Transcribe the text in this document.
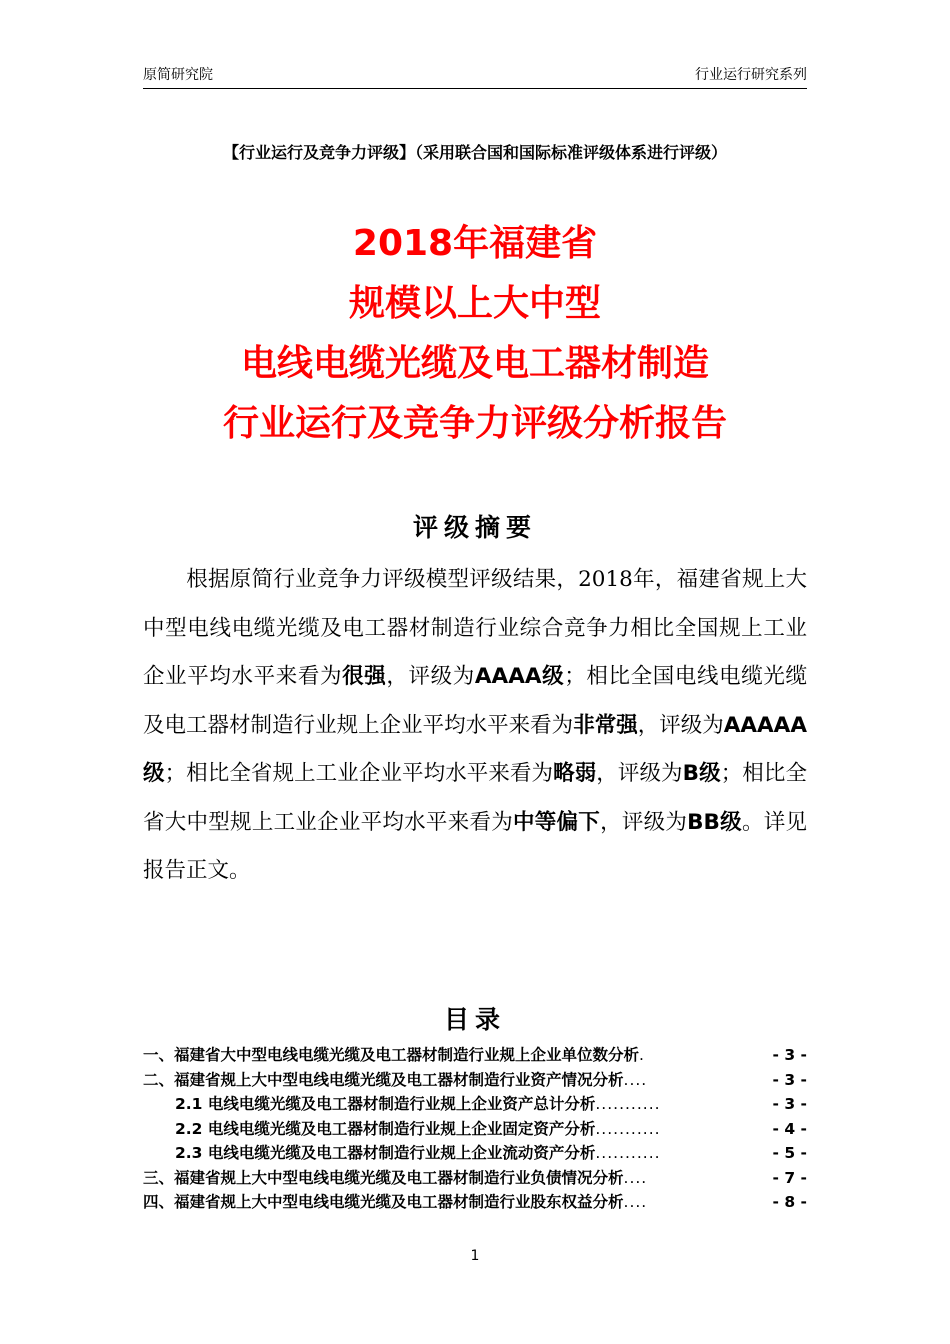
原简研究院	行业运行研究系列
【行业运行及竞争力评级】（采用联合国和国际标准评级体系进行评级）
2018年福建省
规模以上大中型
电线电缆光缆及电工器材制造
行业运行及竞争力评级分析报告
评级摘要
根据原简行业竞争力评级模型评级结果，2018年，福建省规上大中型电线电缆光缆及电工器材制造行业综合竞争力相比全国规上工业企业平均水平来看为很强，评级为AAAA级；相比全国电线电缆光缆及电工器材制造行业规上企业平均水平来看为非常强，评级为AAAAA级；相比全省规上工业企业平均水平来看为略弱，评级为B级；相比全省大中型规上工业企业平均水平来看为中等偏下，评级为BB级。详见报告正文。
目录
一、福建省大中型电线电缆光缆及电工器材制造行业规上企业单位数分析 .	- 3 -
二、福建省规上大中型电线电缆光缆及电工器材制造行业资产情况分析 ....	- 3 -
2.1 电线电缆光缆及电工器材制造行业规上企业资产总计分析 ...........	- 3 -
2.2 电线电缆光缆及电工器材制造行业规上企业固定资产分析 ...........	- 4 -
2.3 电线电缆光缆及电工器材制造行业规上企业流动资产分析 ...........	- 5 -
三、福建省规上大中型电线电缆光缆及电工器材制造行业负债情况分析 ....	- 7 -
四、福建省规上大中型电线电缆光缆及电工器材制造行业股东权益分析 ....	- 8 -
1
